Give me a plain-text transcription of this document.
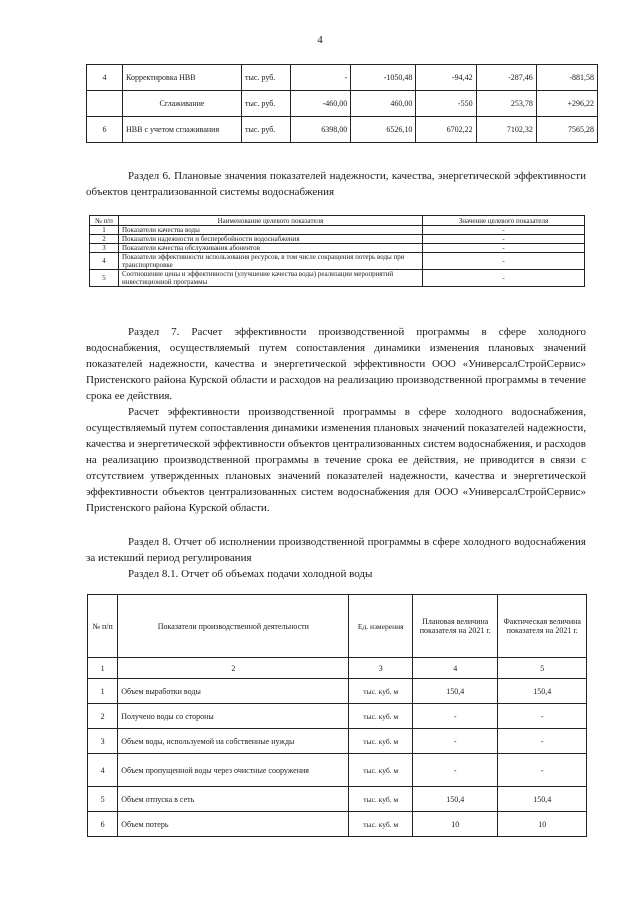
4
4	Корректировка НВВ	тыс. руб.	-	-1050,48	-94,42	-287,46	-881,58
	Сглаживание	тыс. руб.	-460,00	460,00	-550	253,78	+296,22
6	НВВ с учетом сглаживания	тыс. руб.	6398,00	6526,10	6702,22	7102,32	7565,28

Раздел 6. Плановые значения показателей надежности, качества, энергетической эффективности объектов централизованной системы водоснабжения

№ п/п	Наименование целевого показателя	Значение целевого показателя
1	Показатели качества воды	-
2	Показатели надежности и бесперебойности водоснабжения	-
3	Показатели качества обслуживания абонентов	-
4	Показатели эффективности использования ресурсов, в том числе сокращения потерь воды при транспортировке	-
5	Соотношение цены и эффективности (улучшение качества воды) реализации мероприятий инвестиционной программы	-

Раздел 7. Расчет эффективности производственной программы в сфере холодного водоснабжения, осуществляемый путем сопоставления динамики изменения плановых значений показателей надежности, качества и энергетической эффективности ООО «УниверсалСтройСервис» Пристенского района Курской области и расходов на реализацию производственной программы в течение срока ее действия.

Расчет эффективности производственной программы в сфере холодного водоснабжения, осуществляемый путем сопоставления динамики изменения плановых значений показателей надежности, качества и энергетической эффективности объектов централизованных систем водоснабжения, и расходов на реализацию производственной программы в течение срока ее действия, не приводится в связи с отсутствием утвержденных плановых значений показателей надежности, качества и энергетической эффективности объектов централизованных систем водоснабжения для ООО «УниверсалСтройСервис» Пристенского района Курской области.

Раздел 8. Отчет об исполнении производственной программы в сфере холодного водоснабжения за истекший период регулирования

Раздел 8.1. Отчет об объемах подачи холодной воды

№ п/п	Показатели производственной деятельности	Ед. измерения	Плановая величина показателя на 2021 г.	Фактическая величина показателя на 2021 г.
1	2	3	4	5
1	Объем выработки воды	тыс. куб. м	150,4	150,4
2	Получено воды со стороны	тыс. куб. м	-	-
3	Объем воды, используемой на собственные нужды	тыс. куб. м	-	-
4	Объем пропущенной воды через очистные сооружения	тыс. куб. м	-	-
5	Объем отпуска в сеть	тыс. куб. м	150,4	150,4
6	Объем потерь	тыс. куб. м	10	10
